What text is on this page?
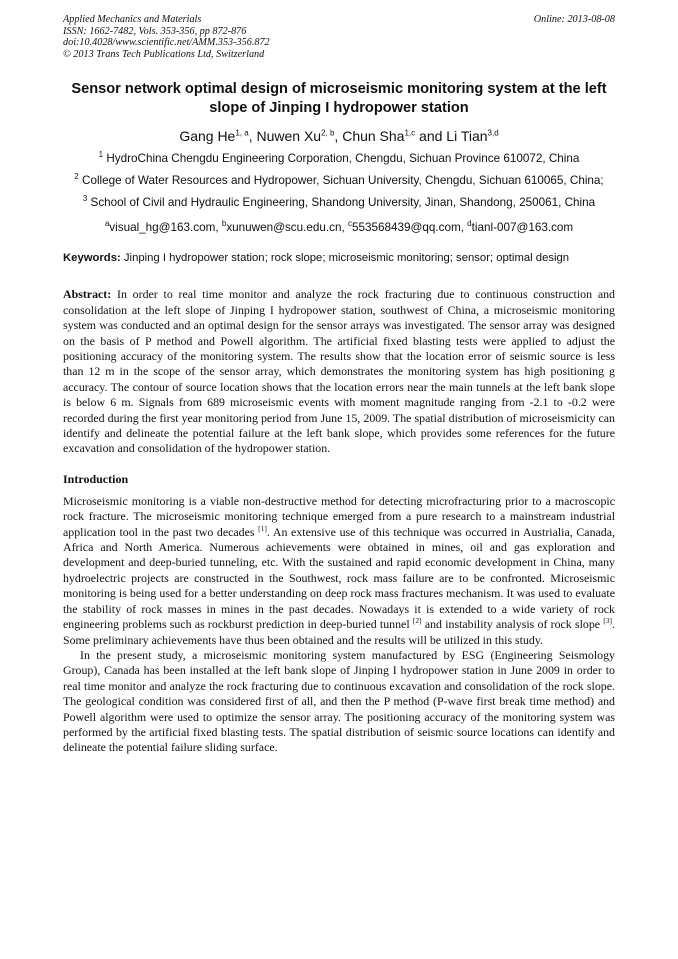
Applied Mechanics and Materials
ISSN: 1662-7482, Vols. 353-356, pp 872-876
doi:10.4028/www.scientific.net/AMM.353-356.872
© 2013 Trans Tech Publications Ltd, Switzerland
Online: 2013-08-08
Sensor network optimal design of microseismic monitoring system at the left slope of Jinping I hydropower station
Gang He$^{1, a}$, Nuwen Xu$^{2, b}$, Chun Sha$^{1,c}$ and Li Tian$^{3,d}$
$^1$ HydroChina Chengdu Engineering Corporation, Chengdu, Sichuan Province 610072, China
$^2$ College of Water Resources and Hydropower, Sichuan University, Chengdu, Sichuan 610065, China;
$^3$ School of Civil and Hydraulic Engineering, Shandong University, Jinan, Shandong, 250061, China
$^a$visual_hg@163.com, $^b$xunuwen@scu.edu.cn, $^c$553568439@qq.com, $^d$tianl-007@163.com
Keywords: Jinping I hydropower station; rock slope; microseismic monitoring; sensor; optimal design
Abstract: In order to real time monitor and analyze the rock fracturing due to continuous construction and consolidation at the left slope of Jinping I hydropower station, southwest of China, a microseismic monitoring system was conducted and an optimal design for the sensor arrays was investigated. The sensor array was designed on the basis of P method and Powell algorithm. The artificial fixed blasting tests were applied to adjust the positioning accuracy of the monitoring system. The results show that the location error of seismic source is less than 12 m in the scope of the sensor array, which demonstrates the monitoring system has high positioning g accuracy. The contour of source location shows that the location errors near the main tunnels at the left bank slope is below 6 m. Signals from 689 microseismic events with moment magnitude ranging from -2.1 to -0.2 were recorded during the first year monitoring period from June 15, 2009. The spatial distribution of microseismicity can identify and delineate the potential failure at the left bank slope, which provides some references for the future excavation and consolidation of the hydropower station.
Introduction
Microseismic monitoring is a viable non-destructive method for detecting microfracturing prior to a macroscopic rock fracture. The microseismic monitoring technique emerged from a pure research to a mainstream industrial application tool in the past two decades [1]. An extensive use of this technique was occurred in Austrialia, Canada, Africa and North America. Numerous achievements were obtained in mines, oil and gas exploration and development and deep-buried tunneling, etc. With the sustained and rapid economic development in China, many hydroelectric projects are constructed in the Southwest, rock mass failure are to be confronted. Microseismic monitoring is being used for a better understanding on deep rock mass fractures mechanism. It was used to evaluate the stability of rock masses in mines in the past decades. Nowadays it is extended to a wide variety of rock engineering problems such as rockburst prediction in deep-buried tunnel [2] and instability analysis of rock slope [3]. Some preliminary achievements have thus been obtained and the results will be utilized in this study.
In the present study, a microseismic monitoring system manufactured by ESG (Engineering Seismology Group), Canada has been installed at the left bank slope of Jinping I hydropower station in June 2009 in order to real time monitor and analyze the rock fracturing due to continuous excavation and consolidation of the rock slope. The geological condition was considered first of all, and then the P method (P-wave first break time method) and Powell algorithm were used to optimize the sensor array. The positioning accuracy of the monitoring system was performed by the artificial fixed blasting tests. The spatial distribution of seismic source locations can identify and delineate the potential failure sliding surface.
